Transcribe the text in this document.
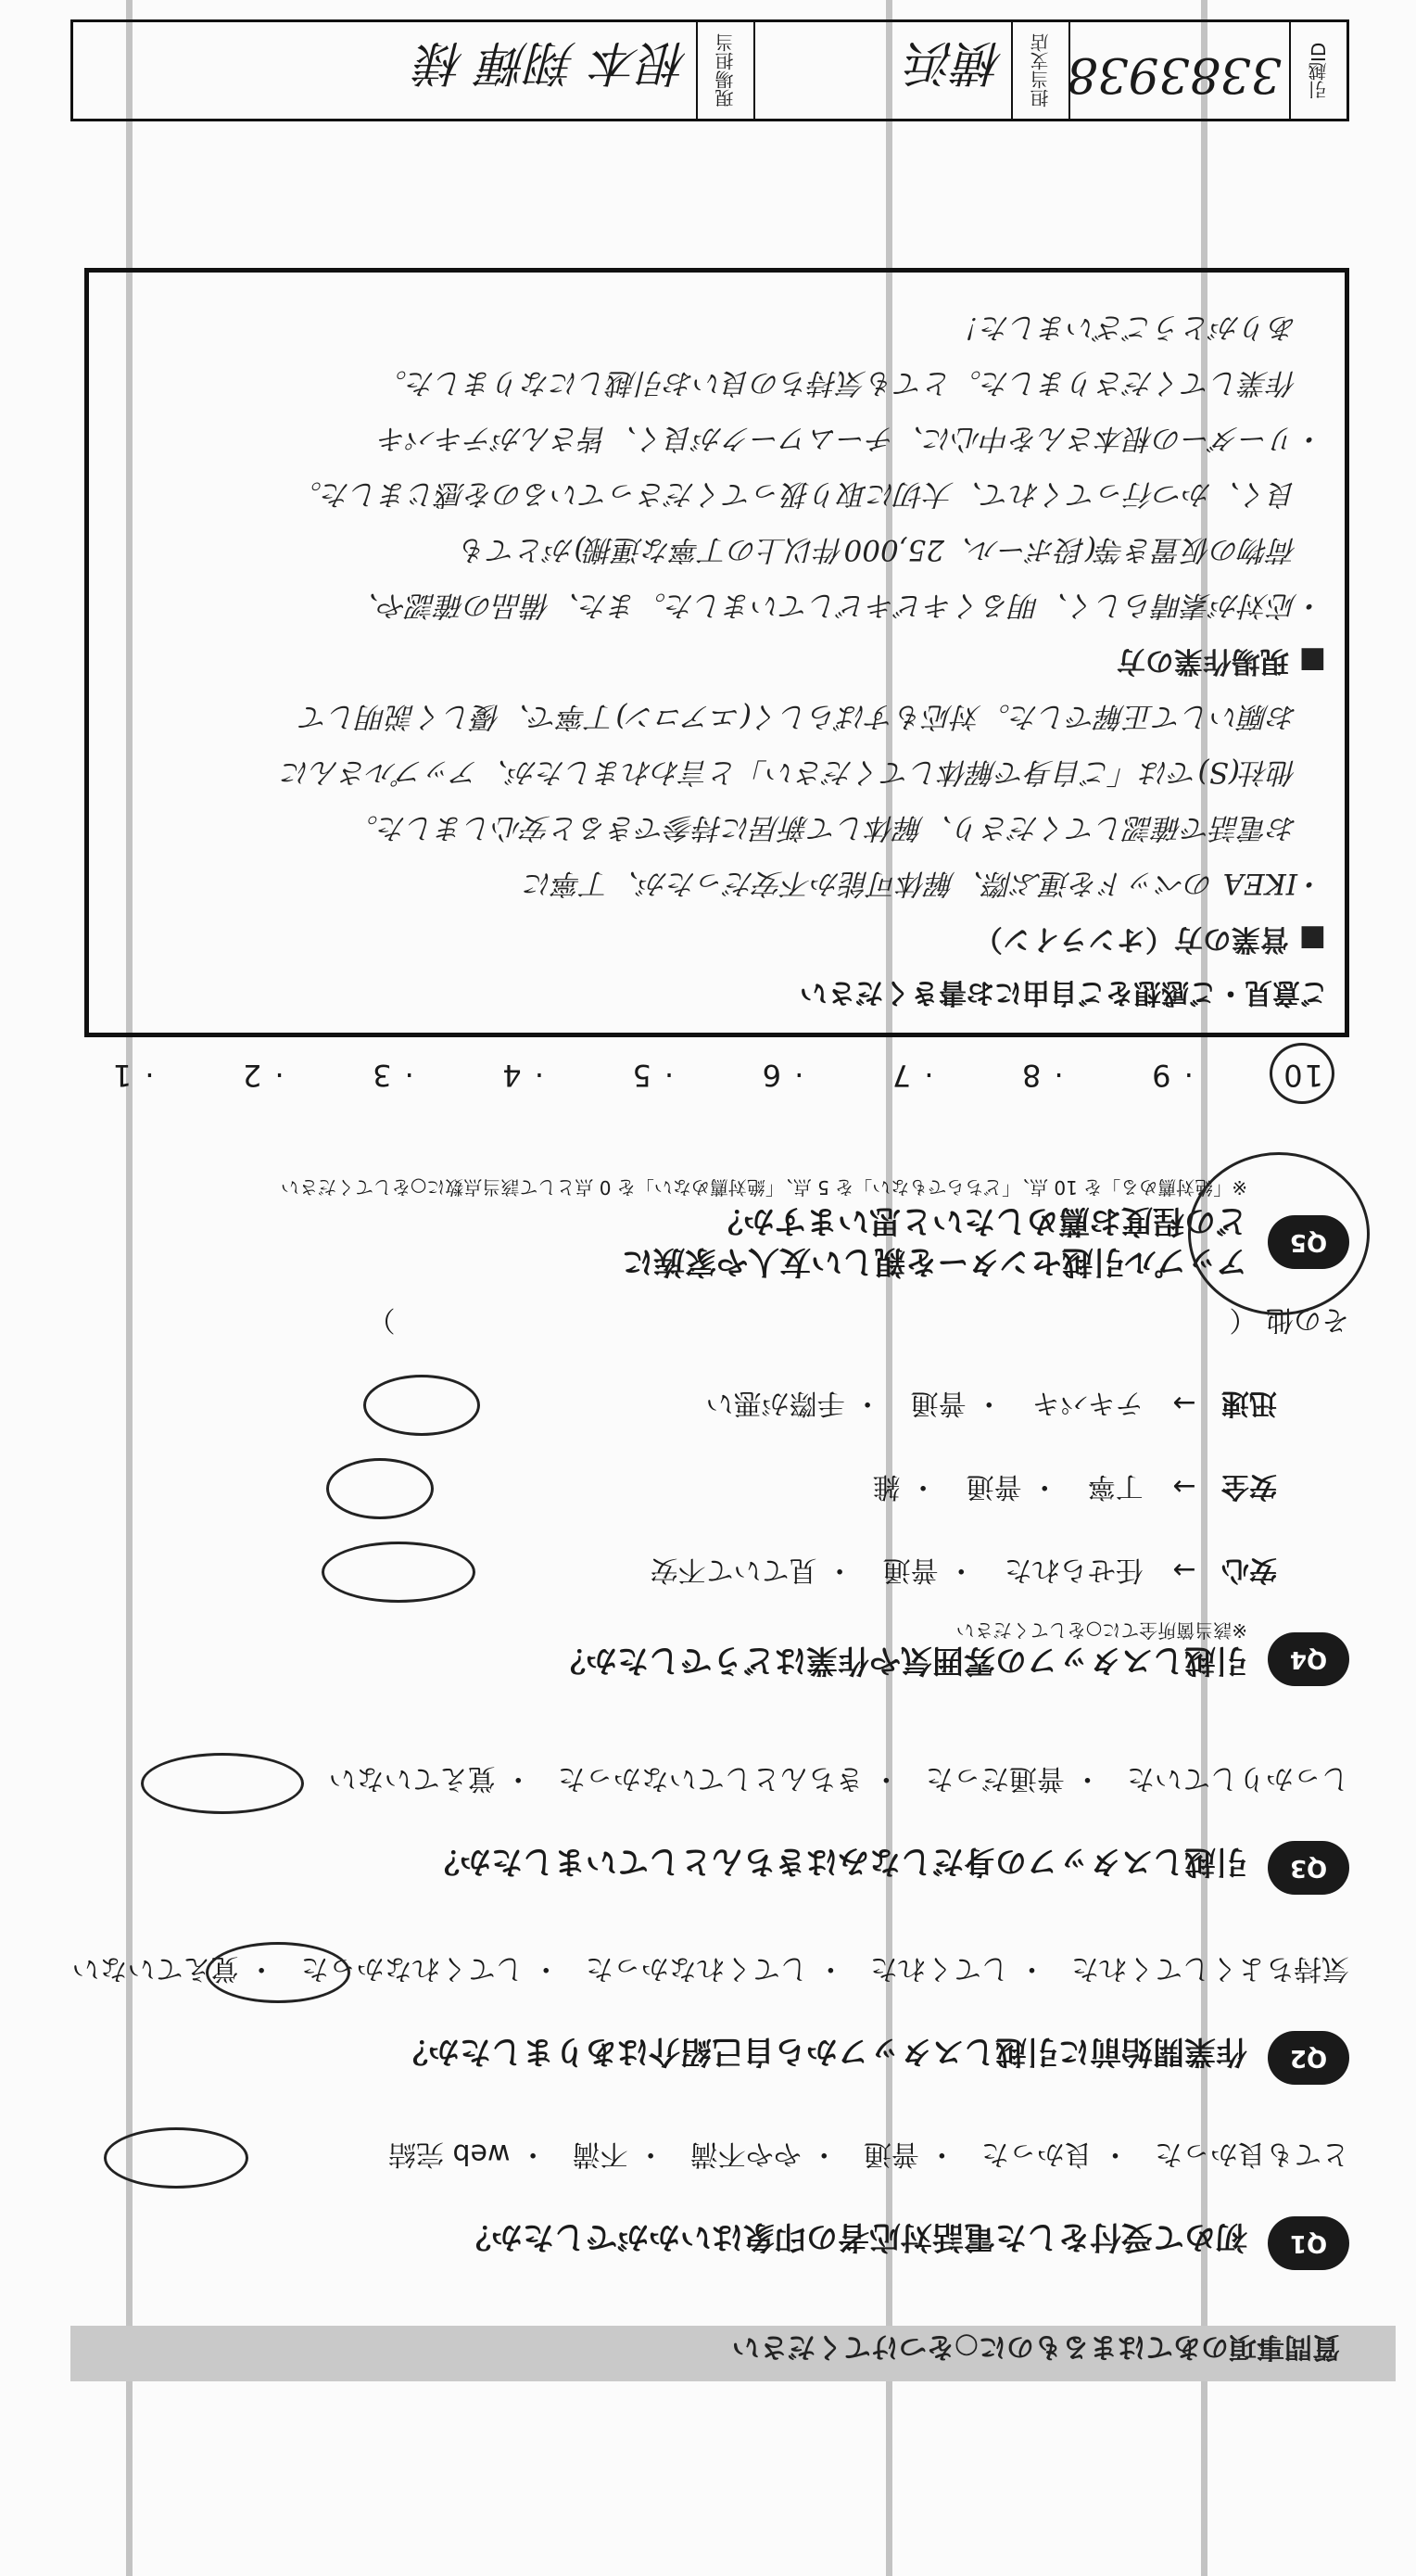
質問事項のあてはまるものに○をつけてください
Q1
初めて受付をした電話対応者の印象はいかがでしたか？
とても良かった ・ 良かった ・ 普通 ・ やや不満 ・ 不満 ・ web 完結
Q2
作業開始前に引越しスタッフから自己紹介はありましたか？
気持ちよくしてくれた ・ してくれた ・ してくれなかった ・ してくれなかった ・ 覚えていない
Q3
引越しスタッフの身だしなみはきちんとしていましたか？
しっかりしていた ・ 普通だった ・ きちんとしていなかった ・ 覚えていない
Q4
引越しスタッフの雰囲気や作業はどうでしたか？
※該当箇所全てに○をしてください
安心 → 任せられた ・ 普通 ・ 見ていて不安
安全 → 丁寧 ・ 普通 ・ 雑
迅速 → テキパキ ・ 普通 ・ 手際が悪い
その他 （　　　　　　　　　　　　　　　　　　　　　　　　　　　　　　）
Q5
アップル引越センターを親しい友人や家族に
どの程度お薦めしたいと思いますか？
※「絶対薦める」を 10 点、「どちらでもない」を 5 点、「絶対薦めない」を 0 点として該当点数に○をしてください
10 · 9 · 8 · 7 · 6 · 5 · 4 · 3 · 2 · 1
ご意見・ご感想をご自由にお書きください
■ 営業の方（オンライン）
・IKEA のベッドを運ぶ際、解体可能か不安だったが、丁寧に
　お電話で確認してくださり、解体して新居に持参できると安心しました。
　他社(S)では「ご自身で解体してください」と言われましたが、アップルさんに
　お願いして正解でした。対応もすばらしく(エアコン)丁寧で、優しく説明して
■ 現場作業の方
・応対が素晴らしく、明るくキビキビしていました。また、備品の確認や、
　荷物の仮置き等(段ボール、25,000件以上の丁寧な運搬)がとても
　良く、かつ行ってくれて、大切に取り扱ってくださっているのを感じました。
・リーダーの根本さんを中心に、チームワークが良く、皆さんがテキパキ
　作業してくださりました。とても気持ちの良いお引越しになりました。
　ありがとうございました！
引越ID
3383938
担当支店
横浜
現場担当
根本 翔輝 様
